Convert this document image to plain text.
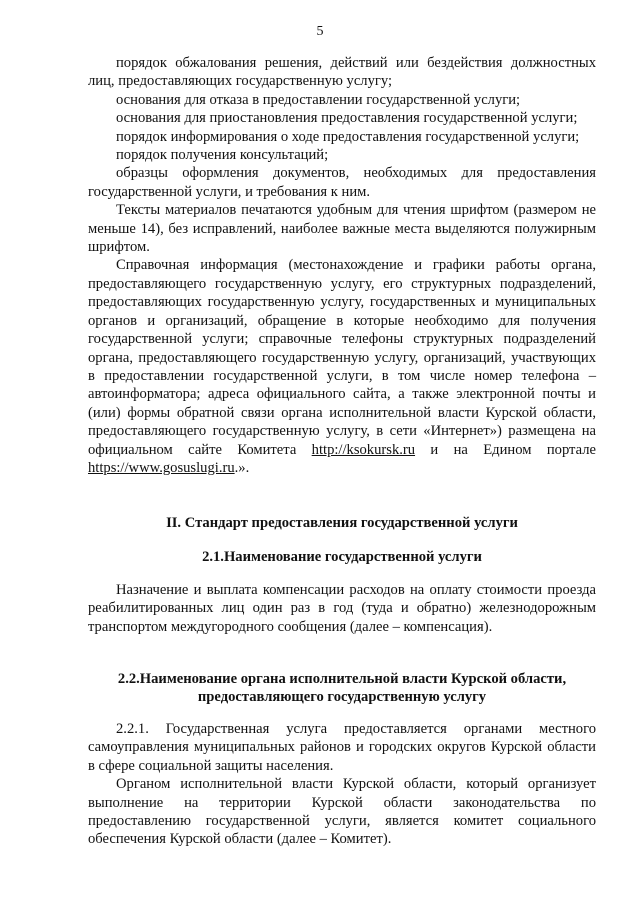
5

порядок обжалования решения, действий или бездействия должностных лиц, предоставляющих государственную услугу;

основания для отказа в предоставлении государственной услуги;

основания для приостановления предоставления государственной услуги;

порядок информирования о ходе предоставления государственной услуги;

порядок получения консультаций;

образцы оформления документов, необходимых для предоставления государственной услуги, и требования к ним.

Тексты материалов печатаются удобным для чтения шрифтом (размером не меньше 14), без исправлений, наиболее важные места выделяются полужирным шрифтом.

Справочная информация (местонахождение и графики работы органа, предоставляющего государственную услугу, его структурных подразделений, предоставляющих государственную услугу, государственных и муниципальных органов и организаций, обращение в которые необходимо для получения государственной услуги; справочные телефоны структурных подразделений органа, предоставляющего государственную услугу, организаций, участвующих в предоставлении государственной услуги, в том числе номер телефона – автоинформатора; адреса официального сайта, а также электронной почты и (или) формы обратной связи органа исполнительной власти Курской области, предоставляющего государственную услугу, в сети «Интернет») размещена на официальном сайте Комитета http://ksokursk.ru и на Едином портале https://www.gosuslugi.ru.».

II. Стандарт предоставления государственной услуги
2.1.Наименование государственной услуги

Назначение и выплата компенсации расходов на оплату стоимости проезда реабилитированных лиц один раз в год (туда и обратно) железнодорожным транспортом междугородного сообщения (далее – компенсация).

2.2.Наименование органа исполнительной власти Курской области,
предоставляющего государственную услугу

2.2.1. Государственная услуга предоставляется органами местного самоуправления муниципальных районов и городских округов Курской области в сфере социальной защиты населения.

Органом исполнительной власти Курской области, который организует выполнение на территории Курской области законодательства по предоставлению государственной услуги, является комитет социального обеспечения Курской области (далее – Комитет).
